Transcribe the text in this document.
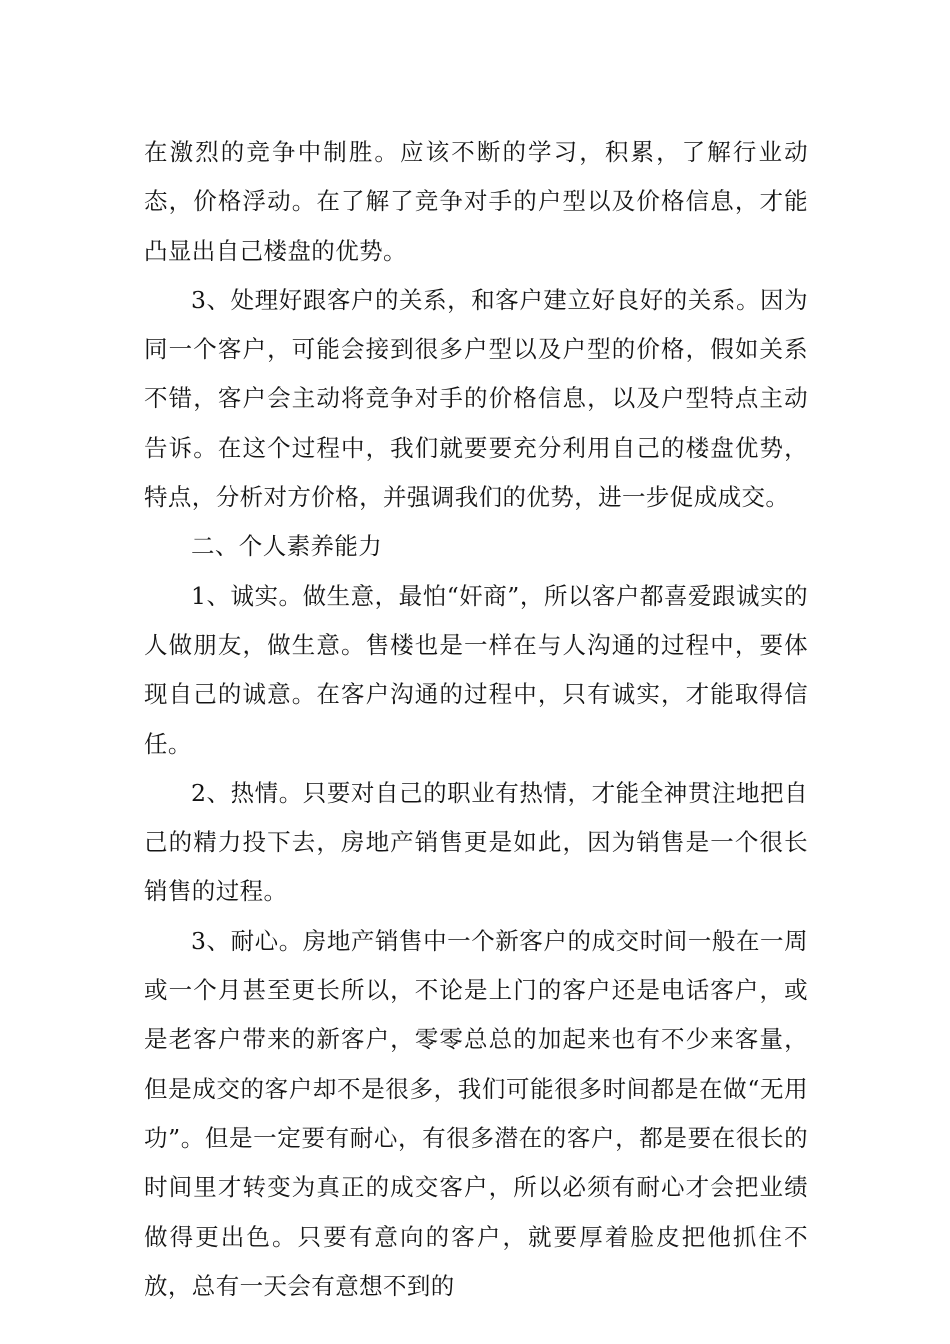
在激烈的竞争中制胜。应该不断的学习，积累，了解行业动态，价格浮动。在了解了竞争对手的户型以及价格信息，才能凸显出自己楼盘的优势。

3、处理好跟客户的关系，和客户建立好良好的关系。因为同一个客户，可能会接到很多户型以及户型的价格，假如关系不错，客户会主动将竞争对手的价格信息，以及户型特点主动告诉。在这个过程中，我们就要要充分利用自己的楼盘优势，特点，分析对方价格，并强调我们的优势，进一步促成成交。

二、个人素养能力

1、诚实。做生意，最怕“奸商”，所以客户都喜爱跟诚实的人做朋友，做生意。售楼也是一样在与人沟通的过程中，要体现自己的诚意。在客户沟通的过程中，只有诚实，才能取得信任。

2、热情。只要对自己的职业有热情，才能全神贯注地把自己的精力投下去，房地产销售更是如此，因为销售是一个很长销售的过程。

3、耐心。房地产销售中一个新客户的成交时间一般在一周或一个月甚至更长所以，不论是上门的客户还是电话客户，或是老客户带来的新客户，零零总总的加起来也有不少来客量，但是成交的客户却不是很多，我们可能很多时间都是在做“无用功”。但是一定要有耐心，有很多潜在的客户，都是要在很长的时间里才转变为真正的成交客户，所以必须有耐心才会把业绩做得更出色。只要有意向的客户，就要厚着脸皮把他抓住不放，总有一天会有意想不到的
